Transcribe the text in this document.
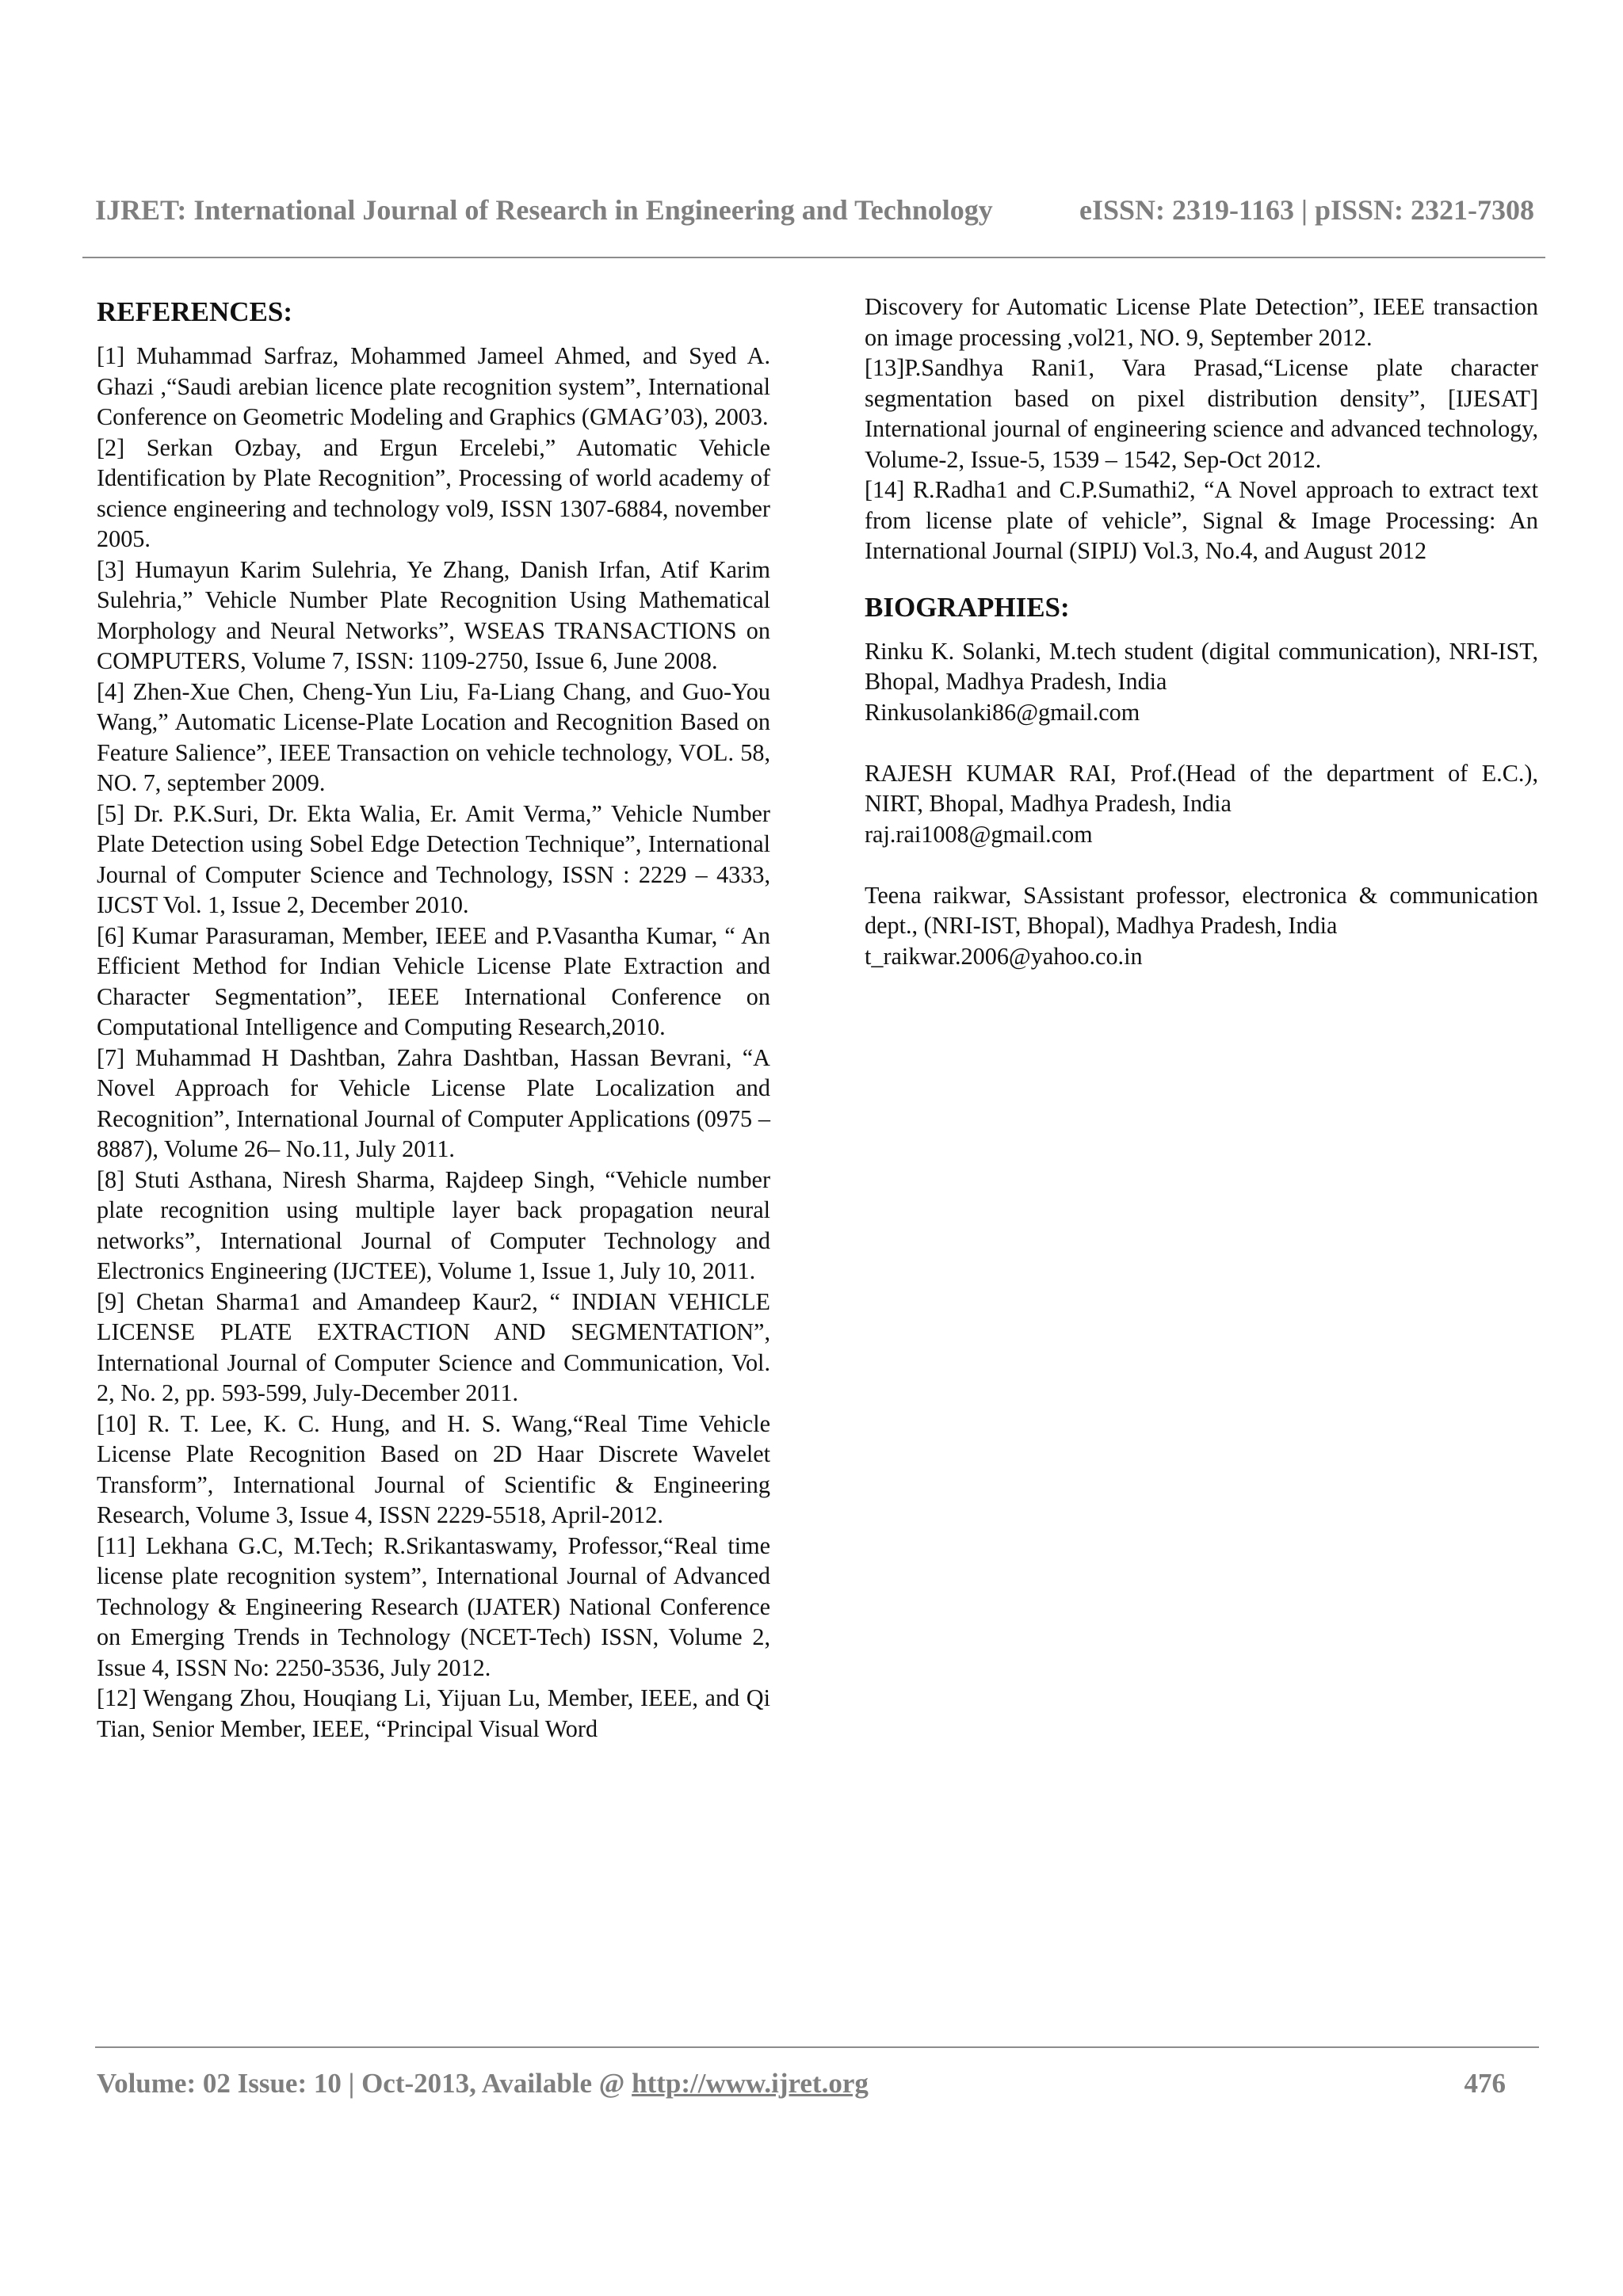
IJRET: International Journal of Research in Engineering and Technology	eISSN: 2319-1163 | pISSN: 2321-7308
REFERENCES:

[1] Muhammad Sarfraz, Mohammed Jameel Ahmed, and Syed A. Ghazi ,“Saudi arebian licence plate recognition system”, International Conference on Geometric Modeling and Graphics (GMAG’03), 2003.

[2] Serkan Ozbay, and Ergun Ercelebi,” Automatic Vehicle Identification by Plate Recognition”, Processing of world academy of science engineering and technology vol9, ISSN 1307-6884, november 2005.

[3] Humayun Karim Sulehria, Ye Zhang, Danish Irfan, Atif Karim Sulehria,” Vehicle Number Plate Recognition Using Mathematical Morphology and Neural Networks”, WSEAS TRANSACTIONS on COMPUTERS, Volume 7, ISSN: 1109-2750, Issue 6, June 2008.

[4] Zhen-Xue Chen, Cheng-Yun Liu, Fa-Liang Chang, and Guo-You Wang,” Automatic License-Plate Location and Recognition Based on Feature Salience”, IEEE Transaction on vehicle technology, VOL. 58, NO. 7, september 2009.

[5] Dr. P.K.Suri, Dr. Ekta Walia, Er. Amit Verma,” Vehicle Number Plate Detection using Sobel Edge Detection Technique”, International Journal of Computer Science and Technology, ISSN : 2229 – 4333, IJCST Vol. 1, Issue 2, December 2010.

[6] Kumar Parasuraman, Member, IEEE and P.Vasantha Kumar, “ An Efficient Method for Indian Vehicle License Plate Extraction and Character Segmentation”, IEEE International Conference on Computational Intelligence and Computing Research,2010.

[7] Muhammad H Dashtban, Zahra Dashtban, Hassan Bevrani, “A Novel Approach for Vehicle License Plate Localization and Recognition”, International Journal of Computer Applications (0975 – 8887), Volume 26– No.11, July 2011.

[8] Stuti Asthana, Niresh Sharma, Rajdeep Singh, “Vehicle number plate recognition using multiple layer back propagation neural networks”, International Journal of Computer Technology and Electronics Engineering (IJCTEE), Volume 1, Issue 1, July 10, 2011.

[9] Chetan Sharma1 and Amandeep Kaur2, “ INDIAN VEHICLE LICENSE PLATE EXTRACTION AND SEGMENTATION”, International Journal of Computer Science and Communication, Vol. 2, No. 2, pp. 593-599, July-December 2011.

[10] R. T. Lee, K. C. Hung, and H. S. Wang,“Real Time Vehicle License Plate Recognition Based on 2D Haar Discrete Wavelet Transform”, International Journal of Scientific & Engineering Research, Volume 3, Issue 4, ISSN 2229-5518, April-2012.

[11] Lekhana G.C, M.Tech; R.Srikantaswamy, Professor,“Real time license plate recognition system”, International Journal of Advanced Technology & Engineering Research (IJATER) National Conference on Emerging Trends in Technology (NCET-Tech) ISSN, Volume 2, Issue 4, ISSN No: 2250-3536, July 2012.

[12] Wengang Zhou, Houqiang Li, Yijuan Lu, Member, IEEE, and Qi Tian, Senior Member, IEEE, “Principal Visual Word

Discovery for Automatic License Plate Detection”, IEEE transaction on image processing ,vol21, NO. 9, September 2012.

[13]P.Sandhya Rani1, Vara Prasad,“License plate character segmentation based on pixel distribution density”, [IJESAT] International journal of engineering science and advanced technology, Volume-2, Issue-5, 1539 – 1542, Sep-Oct 2012.

[14] R.Radha1 and C.P.Sumathi2, “A Novel approach to extract text from license plate of vehicle”, Signal & Image Processing: An International Journal (SIPIJ) Vol.3, No.4, and August 2012

BIOGRAPHIES:
Rinku K. Solanki, M.tech student (digital communication), NRI-IST, Bhopal, Madhya Pradesh, India
Rinkusolanki86@gmail.com
RAJESH KUMAR RAI, Prof.(Head of the department of E.C.), NIRT, Bhopal, Madhya Pradesh, India
raj.rai1008@gmail.com
Teena raikwar, SAssistant professor, electronica & communication dept., (NRI-IST, Bhopal), Madhya Pradesh, India
t_raikwar.2006@yahoo.co.in
Volume: 02 Issue: 10 | Oct-2013, Available @ http://www.ijret.org	476
